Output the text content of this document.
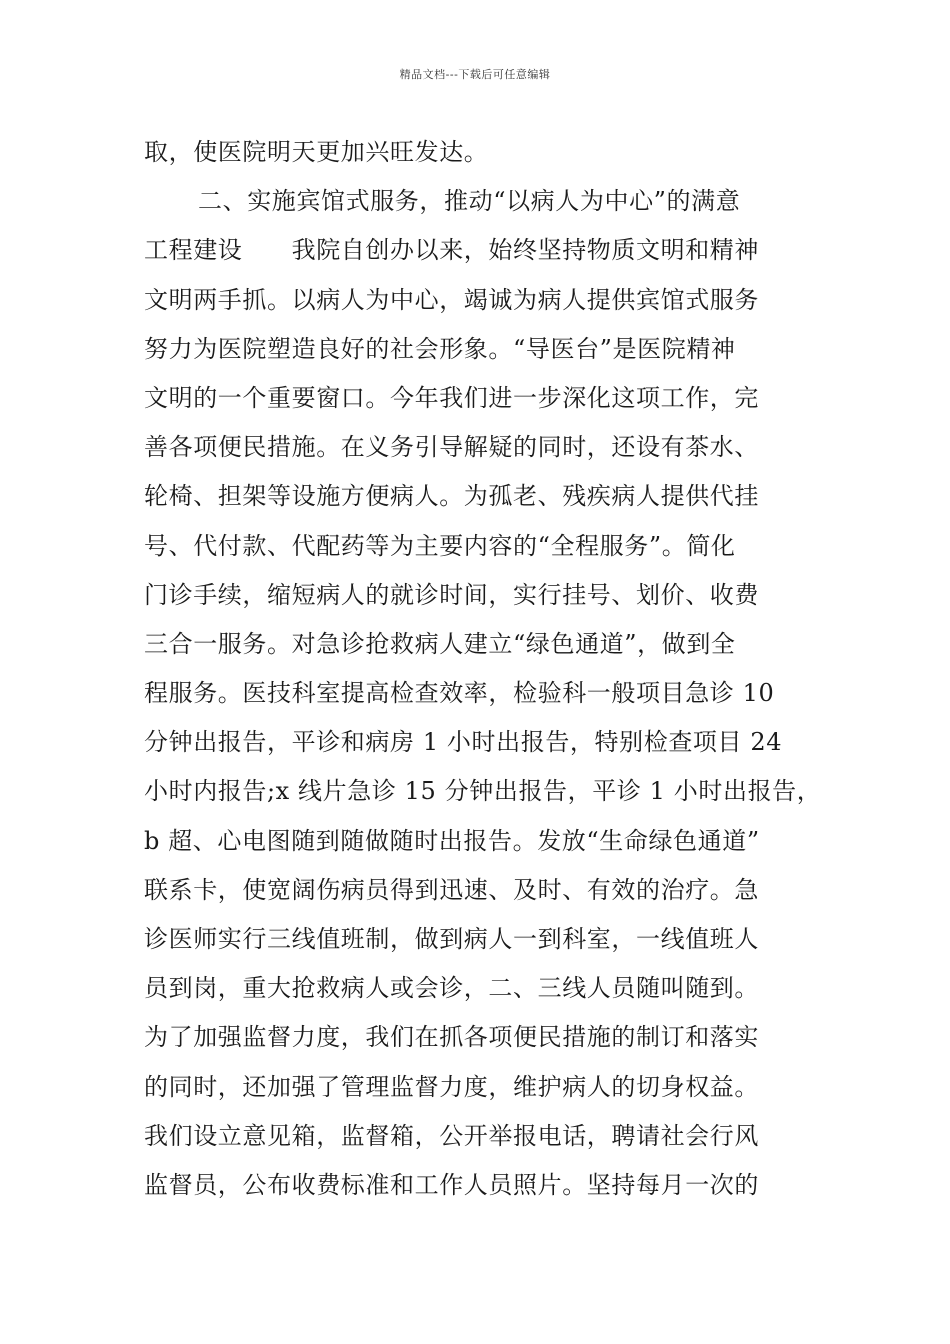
精品文档---下载后可任意编辑
取，使医院明天更加兴旺发达。
二、实施宾馆式服务，推动“以病人为中心”的满意
工程建设　　我院自创办以来，始终坚持物质文明和精神
文明两手抓。以病人为中心，竭诚为病人提供宾馆式服务
努力为医院塑造良好的社会形象。“导医台”是医院精神
文明的一个重要窗口。今年我们进一步深化这项工作，完
善各项便民措施。在义务引导解疑的同时，还设有茶水、
轮椅、担架等设施方便病人。为孤老、残疾病人提供代挂
号、代付款、代配药等为主要内容的“全程服务”。简化
门诊手续，缩短病人的就诊时间，实行挂号、划价、收费
三合一服务。对急诊抢救病人建立“绿色通道”，做到全
程服务。医技科室提高检查效率，检验科一般项目急诊 10
分钟出报告，平诊和病房 1 小时出报告，特别检查项目 24
小时内报告;x 线片急诊 15 分钟出报告，平诊 1 小时出报告，
b 超、心电图随到随做随时出报告。发放“生命绿色通道”
联系卡，使宽阔伤病员得到迅速、及时、有效的治疗。急
诊医师实行三线值班制，做到病人一到科室，一线值班人
员到岗，重大抢救病人或会诊，二、三线人员随叫随到。
为了加强监督力度，我们在抓各项便民措施的制订和落实
的同时，还加强了管理监督力度，维护病人的切身权益。
我们设立意见箱，监督箱，公开举报电话，聘请社会行风
监督员，公布收费标准和工作人员照片。坚持每月一次的
